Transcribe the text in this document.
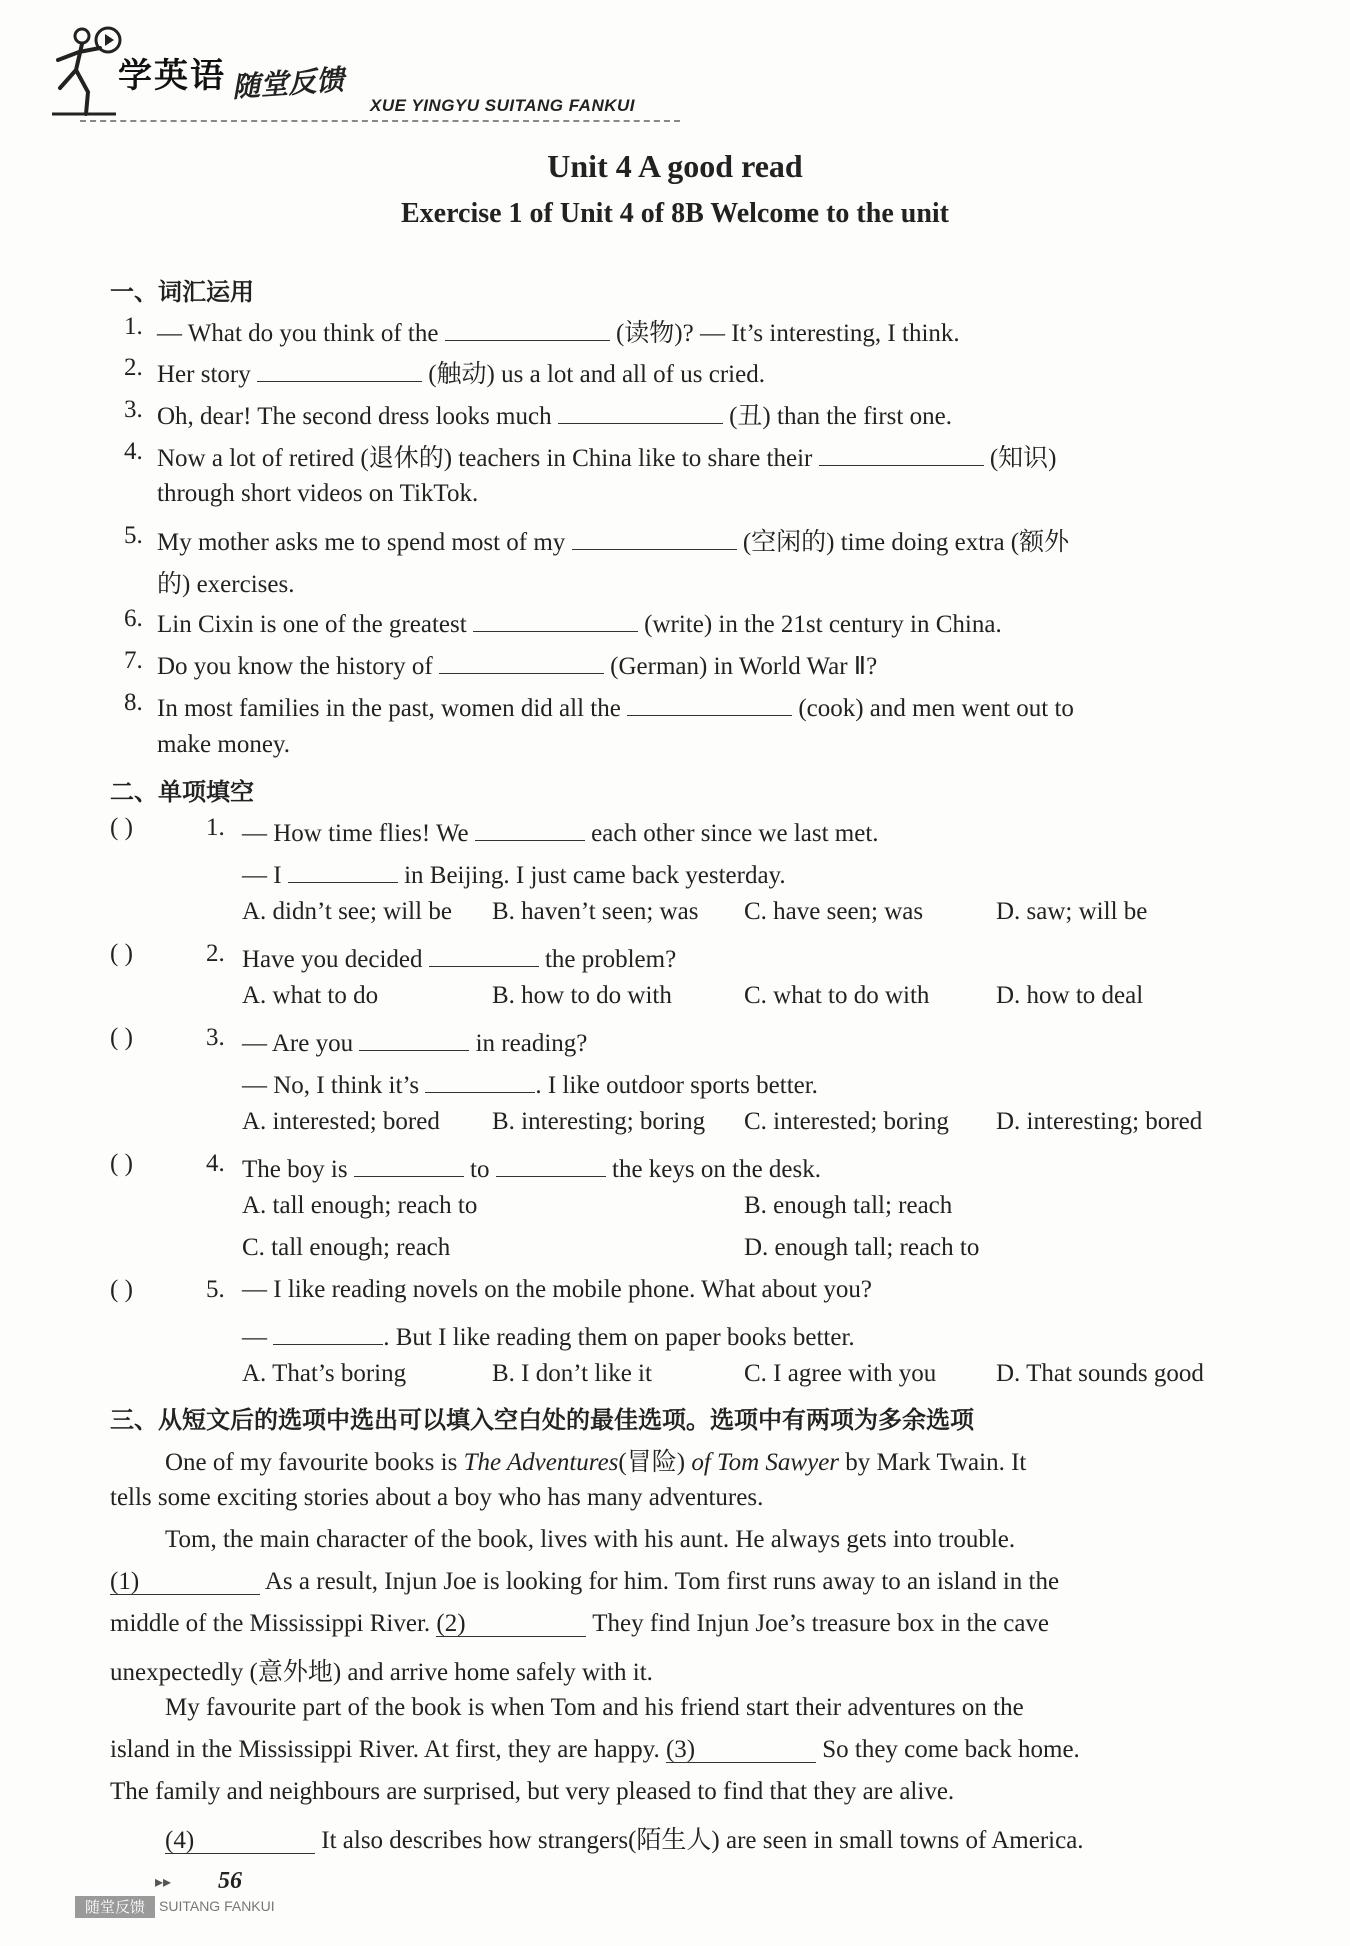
学英语 随堂反馈
XUE YINGYU SUITANG FANKUI
Unit 4 A good read
Exercise 1 of Unit 4 of 8B Welcome to the unit
一、词汇运用
1. — What do you think of the	(读物)? — It’s interesting, I think.
2. Her story	(触动) us a lot and all of us cried.
3. Oh, dear! The second dress looks much	(丑) than the first one.
4. Now a lot of retired (退休的) teachers in China like to share their	(知识)
through short videos on TikTok.
5. My mother asks me to spend most of my	(空闲的) time doing extra (额外
的) exercises.
6. Lin Cixin is one of the greatest	(write) in the 21st century in China.
7. Do you know the history of	(German) in World War Ⅱ?
8. In most families in the past, women did all the	(cook) and men went out to
make money.
二、单项填空
( )	1. — How time flies! We	each other since we last met.
— I	in Beijing. I just came back yesterday.
A. didn’t see; will be B. haven’t seen; was C. have seen; was	D. saw; will be
( )	2. Have you decided	the problem?
A. what to do	B. how to do with	C. what to do with	D. how to deal
( )	3. — Are you	in reading?
— No, I think it’s	. I like outdoor sports better.
A. interested; bored B. interesting; boring C. interested; boring D. interesting; bored
( )	4. The boy is	to	the keys on the desk.
A. tall enough; reach to	B. enough tall; reach
C. tall enough; reach	D. enough tall; reach to
( )	5. — I like reading novels on the mobile phone. What about you?
—	. But I like reading them on paper books better.
A. That’s boring	B. I don’t like it	C. I agree with you D. That sounds good
三、从短文后的选项中选出可以填入空白处的最佳选项。选项中有两项为多余选项
One of my favourite books is The Adventures(冒险) of Tom Sawyer by Mark Twain. It
tells some exciting stories about a boy who has many adventures.
Tom, the main character of the book, lives with his aunt. He always gets into trouble.
(1)	As a result, Injun Joe is looking for him. Tom first runs away to an island in the
middle of the Mississippi River. (2)	They find Injun Joe’s treasure box in the cave
unexpectedly (意外地) and arrive home safely with it.
My favourite part of the book is when Tom and his friend start their adventures on the
island in the Mississippi River. At first, they are happy. (3)	So they come back home.
The family and neighbours are surprised, but very pleased to find that they are alive.
(4)	It also describes how strangers(陌生人) are seen in small towns of America.
▸▸ 56
随堂反馈	SUITANG FANKUI
